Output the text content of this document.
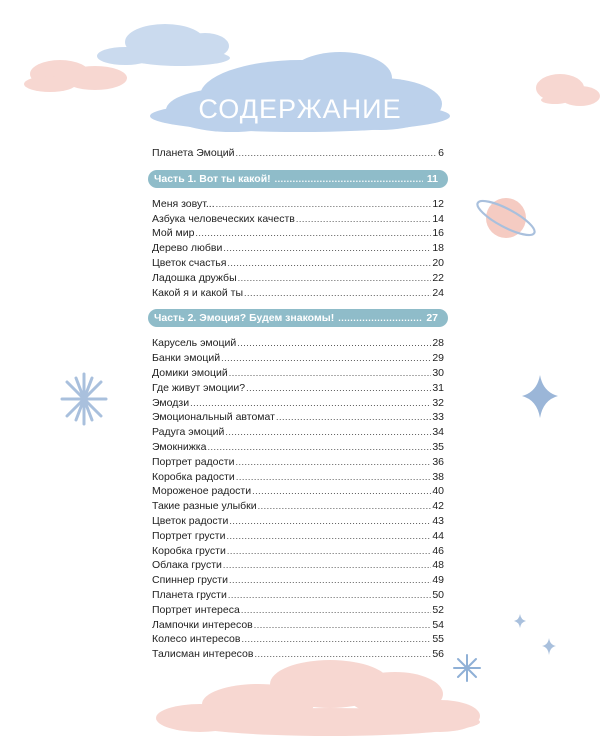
СОДЕРЖАНИЕ
Планета Эмоций .....	6
Часть 1. Вот ты какой! .....	11
Меня зовут... .....	12
Азбука человеческих качеств .....	14
Мой мир .....	16
Дерево любви .....	18
Цветок счастья .....	20
Ладошка дружбы .....	22
Какой я и какой ты .....	24
Часть 2. Эмоция? Будем знакомы! .....	27
Карусель эмоций .....	28
Банки эмоций .....	29
Домики эмоций .....	30
Где живут эмоции? .....	31
Эмодзи .....	32
Эмоциональный автомат .....	33
Радуга эмоций .....	34
Эмокнижка .....	35
Портрет радости .....	36
Коробка радости .....	38
Мороженое радости .....	40
Такие разные улыбки .....	42
Цветок радости .....	43
Портрет грусти .....	44
Коробка грусти .....	46
Облака грусти .....	48
Спиннер грусти .....	49
Планета грусти .....	50
Портрет интереса .....	52
Лампочки интересов .....	54
Колесо интересов .....	55
Талисман интересов .....	56
